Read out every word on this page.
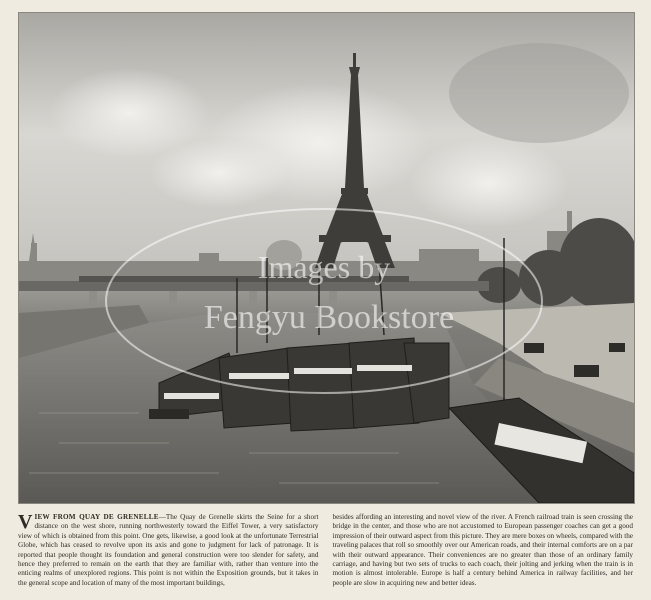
Images by
Fengyu Bookstore
VIEW FROM QUAY DE GRENELLE—The Quay de Grenelle skirts the Seine for a short distance on the west shore, running northwesterly toward the Eiffel Tower, a very satisfactory view of which is obtained from this point. One gets, likewise, a good look at the unfortunate Terrestrial Globe, which has ceased to revolve upon its axis and gone to judgment for lack of patronage. It is reported that people thought its foundation and general construction were too slender for safety, and hence they preferred to remain on the earth that they are familiar with, rather than venture into the enticing realms of unexplored regions. This point is not within the Exposition grounds, but it takes in the general scope and location of many of the most important buildings,
besides affording an interesting and novel view of the river. A French railroad train is seen crossing the bridge in the center, and those who are not accustomed to European passenger coaches can get a good impression of their outward aspect from this picture. They are mere boxes on wheels, compared with the traveling palaces that roll so smoothly over our American roads, and their internal comforts are on a par with their outward appearance. Their conveniences are no greater than those of an ordinary family carriage, and having but two sets of trucks to each coach, their jolting and jerking when the train is in motion is almost intolerable. Europe is half a century behind America in railway facilities, and her people are slow in acquiring new and better ideas.
